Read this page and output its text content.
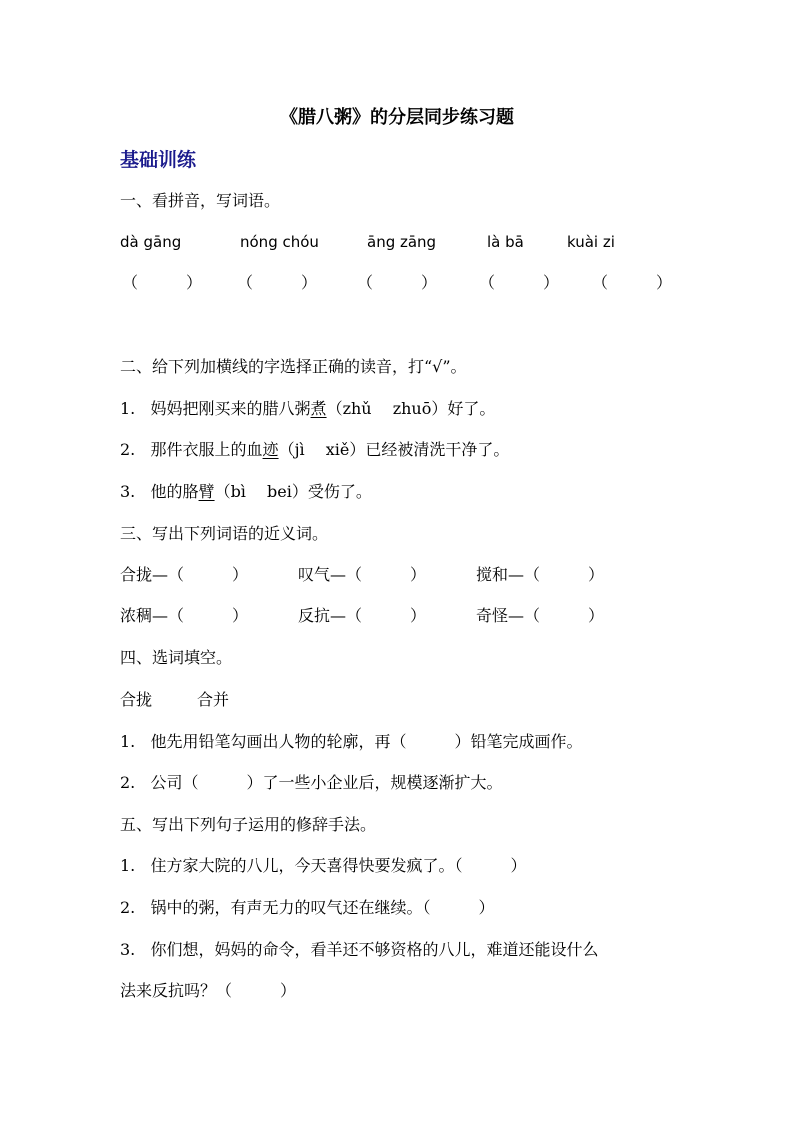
《腊八粥》的分层同步练习题
基础训练
一、看拼音，写词语。
dà gāng	nóng chóu	āng zāng	là bā	kuài zi
（　　　） （　　　） （　　　）	（　　　） （　　　）
二、给下列加横线的字选择正确的读音，打“√”。
1. 妈妈把刚买来的腊八粥煮（zhǔ　 zhuō）好了。
2. 那件衣服上的血迹（jì　 xiě）已经被清洗干净了。
3. 他的胳臂（bì　 bei）受伤了。
三、写出下列词语的近义词。
合拢—（　　　）	叹气—（　　　）	搅和—（　　　）
浓稠—（　　　）	反抗—（　　　）	奇怪—（　　　）
四、选词填空。
合拢	合并
1. 他先用铅笔勾画出人物的轮廓，再（　　　）铅笔完成画作。
2. 公司（　　　）了一些小企业后，规模逐渐扩大。
五、写出下列句子运用的修辞手法。
1. 住方家大院的八儿，今天喜得快要发疯了。（　　　）
2. 锅中的粥，有声无力的叹气还在继续。（　　　）
3. 你们想，妈妈的命令，看羊还不够资格的八儿，难道还能设什么
法来反抗吗？（　　　）
